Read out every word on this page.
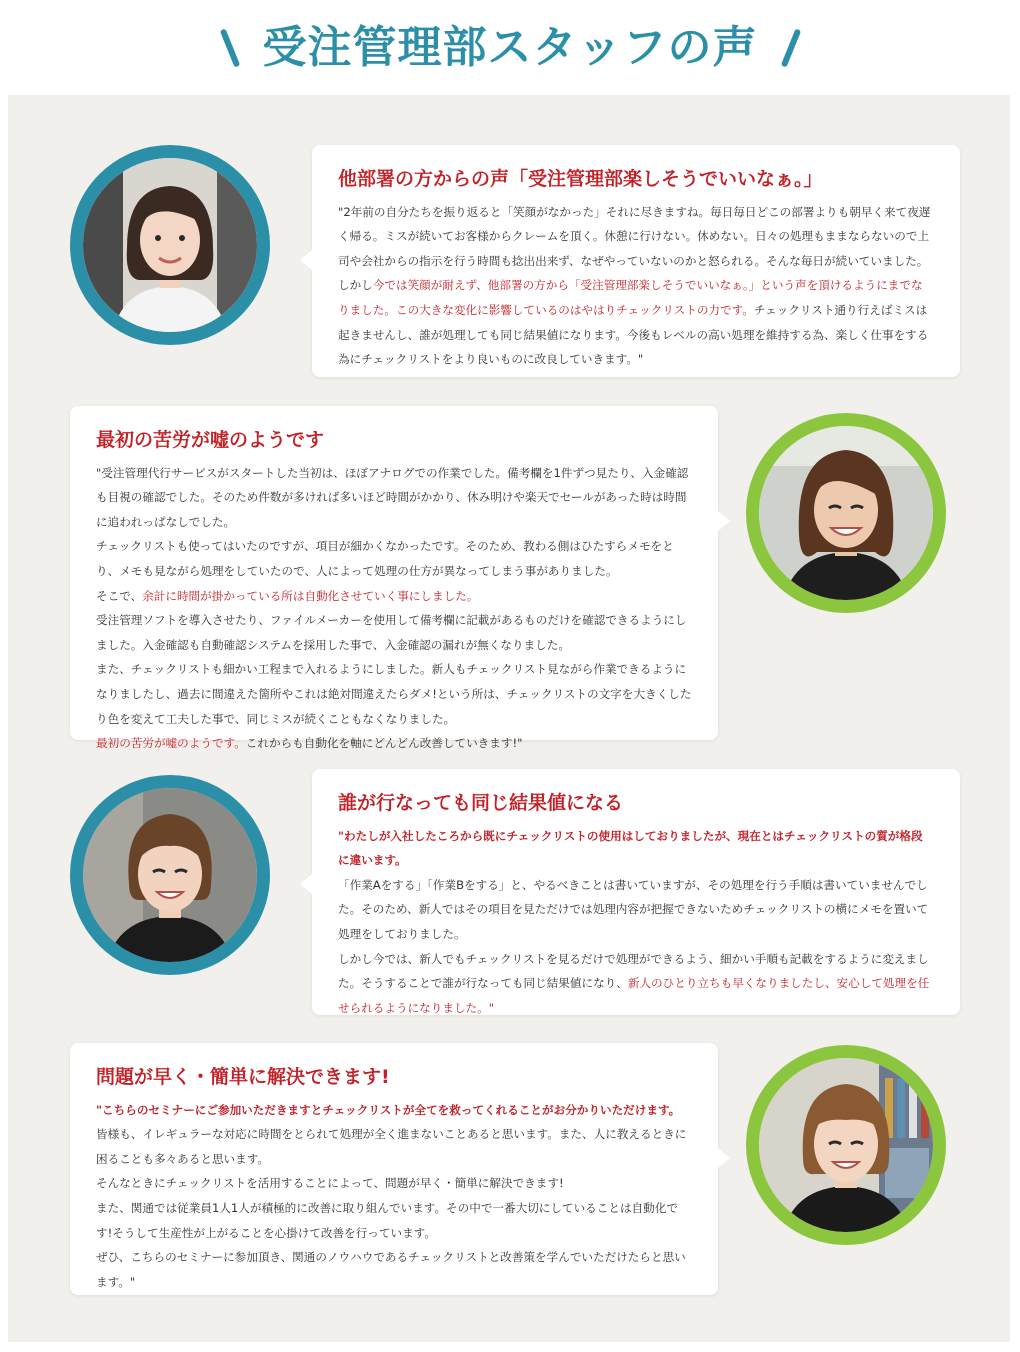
受注管理部スタッフの声
他部署の方からの声「受注管理部楽しそうでいいなぁ。」

"2年前の自分たちを振り返ると「笑顔がなかった」それに尽きますね。毎日毎日どこの部署よりも朝早く来て夜遅く帰る。ミスが続いてお客様からクレームを頂く。休憩に行けない。休めない。日々の処理もままならないので上司や会社からの指示を行う時間も捻出出来ず、なぜやっていないのかと怒られる。そんな毎日が続いていました。しかし今では笑顔が耐えず、他部署の方から「受注管理部楽しそうでいいなぁ。」という声を頂けるようにまでなりました。この大きな変化に影響しているのはやはりチェックリストの力です。チェックリスト通り行えばミスは起きませんし、誰が処理しても同じ結果値になります。今後もレベルの高い処理を維持する為、楽しく仕事をする為にチェックリストをより良いものに改良していきます。"

最初の苦労が嘘のようです

"受注管理代行サービスがスタートした当初は、ほぼアナログでの作業でした。備考欄を1件ずつ見たり、入金確認も目視の確認でした。そのため件数が多ければ多いほど時間がかかり、休み明けや楽天でセールがあった時は時間に追われっぱなしでした。

チェックリストも使ってはいたのですが、項目が細かくなかったです。そのため、教わる側はひたすらメモをとり、メモも見ながら処理をしていたので、人によって処理の仕方が異なってしまう事がありました。

そこで、余計に時間が掛かっている所は自動化させていく事にしました。

受注管理ソフトを導入させたり、ファイルメーカーを使用して備考欄に記載があるものだけを確認できるようにしました。入金確認も自動確認システムを採用した事で、入金確認の漏れが無くなりました。

また、チェックリストも細かい工程まで入れるようにしました。新人もチェックリスト見ながら作業できるようになりましたし、過去に間違えた箇所やこれは絶対間違えたらダメ!という所は、チェックリストの文字を大きくしたり色を変えて工夫した事で、同じミスが続くこともなくなりました。

最初の苦労が嘘のようです。これからも自動化を軸にどんどん改善していきます!"

誰が行なっても同じ結果値になる

"わたしが入社したころから既にチェックリストの使用はしておりましたが、現在とはチェックリストの質が格段に違います。

「作業Aをする」「作業Bをする」と、やるべきことは書いていますが、その処理を行う手順は書いていませんでした。そのため、新人ではその項目を見ただけでは処理内容が把握できないためチェックリストの横にメモを置いて処理をしておりました。

しかし今では、新人でもチェックリストを見るだけで処理ができるよう、細かい手順も記載をするように変えました。そうすることで誰が行なっても同じ結果値になり、新人のひとり立ちも早くなりましたし、安心して処理を任せられるようになりました。"

問題が早く・簡単に解決できます!

"こちらのセミナーにご参加いただきますとチェックリストが全てを救ってくれることがお分かりいただけます。

皆様も、イレギュラーな対応に時間をとられて処理が全く進まないことあると思います。また、人に教えるときに困ることも多々あると思います。

そんなときにチェックリストを活用することによって、問題が早く・簡単に解決できます!

また、関通では従業員1人1人が積極的に改善に取り組んでいます。その中で一番大切にしていることは自動化です!そうして生産性が上がることを心掛けて改善を行っています。

ぜひ、こちらのセミナーに参加頂き、関通のノウハウであるチェックリストと改善策を学んでいただけたらと思います。"
